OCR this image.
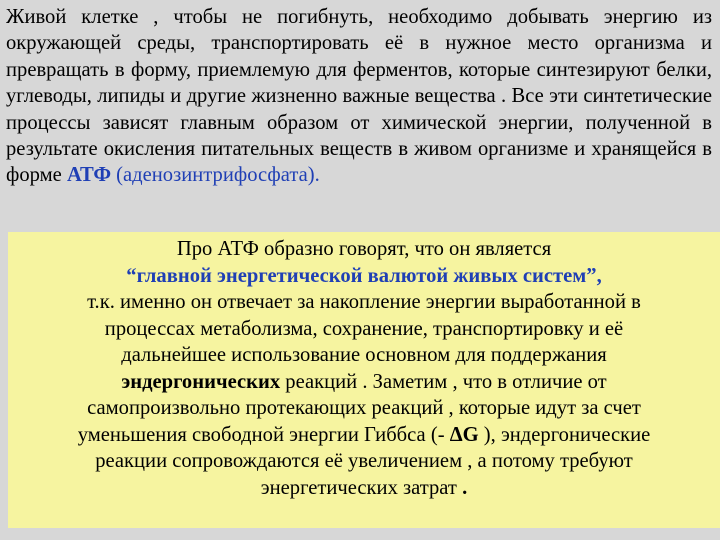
Живой клетке , чтобы не погибнуть, необходимо добывать энергию из окружающей среды, транспортировать её в нужное место организма и превращать в форму, приемлемую для ферментов, которые синтезируют белки, углеводы, липиды и другие жизненно важные вещества . Все эти синтетические процессы зависят главным образом от химической энергии, полученной в результате окисления питательных веществ в живом организме и хранящейся в форме АТФ (аденозинтрифосфата).

Про АТФ образно говорят, что он является
“главной энергетической валютой живых систем”,
т.к. именно он отвечает за накопление энергии выработанной в
процессах метаболизма, сохранение, транспортировку и её
дальнейшее использование основном для поддержания
эндергонических реакций . Заметим , что в отличие от
самопроизвольно протекающих реакций , которые идут за счет
уменьшения свободной энергии Гиббса (- ΔG ), эндергонические
реакции сопровождаются её увеличением , а потому требуют
энергетических затрат .
